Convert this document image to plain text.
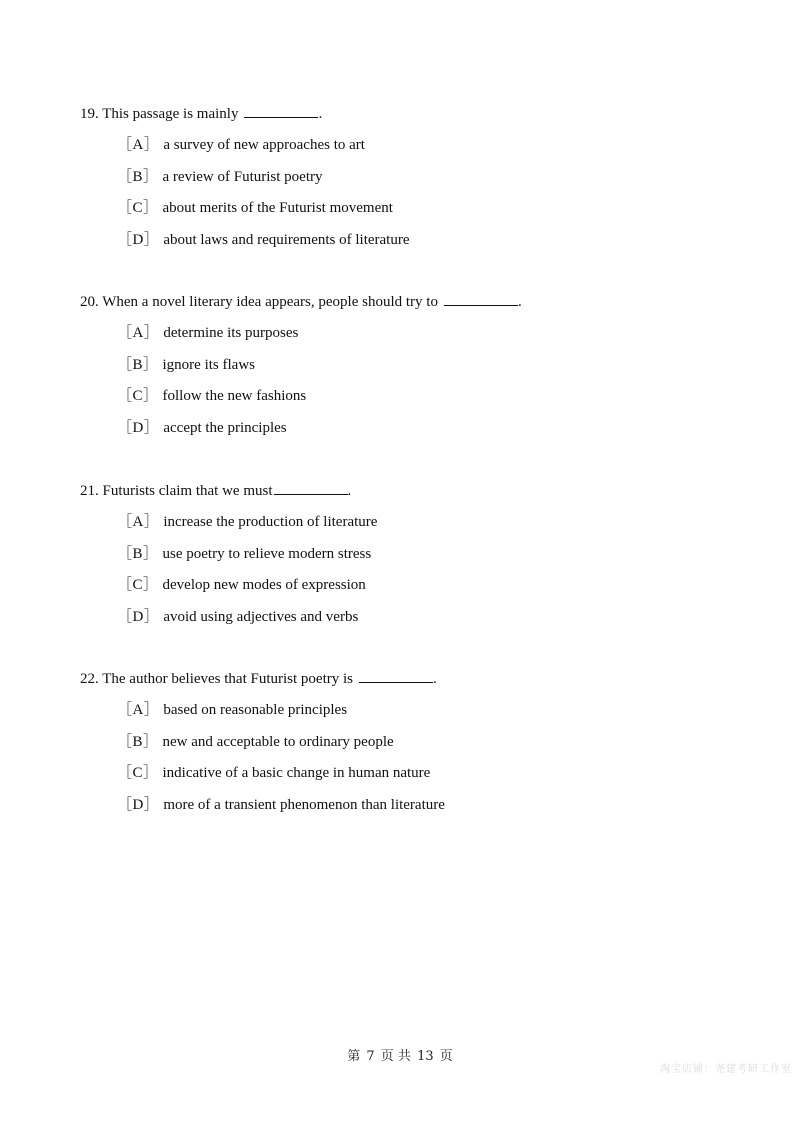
19. This passage is mainly	.

［A］ a survey of new approaches to art
［B］ a review of Futurist poetry
［C］ about merits of the Futurist movement
［D］ about laws and requirements of literature

20. When a novel literary idea appears, people should try to	.

［A］ determine its purposes
［B］ ignore its flaws
［C］ follow the new fashions
［D］ accept the principles

21. Futurists claim that we must	.

［A］ increase the production of literature
［B］ use poetry to relieve modern stress
［C］ develop new modes of expression
［D］ avoid using adjectives and verbs

22. The author believes that Futurist poetry is	.

［A］ based on reasonable principles
［B］ new and acceptable to ordinary people
［C］ indicative of a basic change in human nature
［D］ more of a transient phenomenon than literature
第 7 页 共 13 页
淘宝店铺：尧建考研工作室
